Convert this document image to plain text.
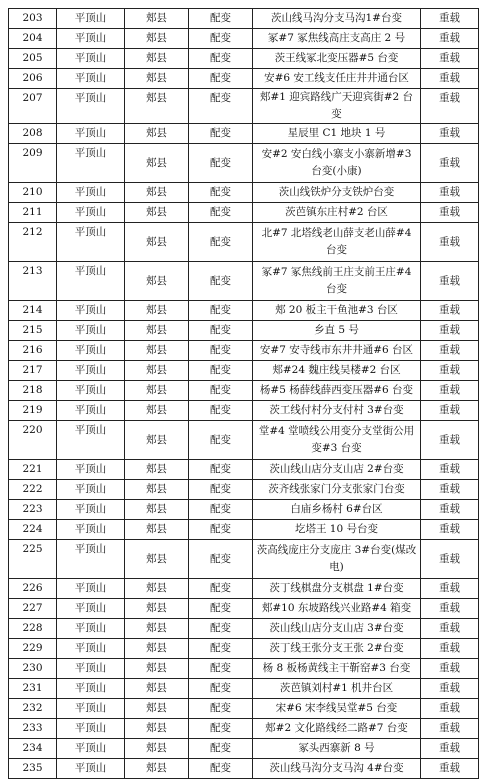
203	平顶山	郏县	配变	茨山线马沟分支马沟1#台变	重载
204	平顶山	郏县	配变	冢#7 冢焦线高庄支高庄 2 号	重载
205	平顶山	郏县	配变	茨王线冢北变压器#5 台变	重载
206	平顶山	郏县	配变	安#6 安工线支任庄井井通台区	重载
207	平顶山	郏县	配变	郏#1 迎宾路线广天迎宾街#2 台变	重载
208	平顶山	郏县	配变	星辰里 C1 地块 1 号	重载
209	平顶山	郏县	配变	安#2 安白线小寨支小寨新增#3 台变(小康)	重载
210	平顶山	郏县	配变	茨山线铁炉分支铁炉台变	重载
211	平顶山	郏县	配变	茨芭镇东庄村#2 台区	重载
212	平顶山	郏县	配变	北#7 北塔线老山薛支老山薛#4 台变	重载
213	平顶山	郏县	配变	冢#7 冢焦线前王庄支前王庄#4 台变	重载
214	平顶山	郏县	配变	郏 20 板主干鱼池#3 台区	重载
215	平顶山	郏县	配变	乡直 5 号	重载
216	平顶山	郏县	配变	安#7 安寺线市东井井通#6 台区	重载
217	平顶山	郏县	配变	郏#24 魏庄线吴楼#2 台区	重载
218	平顶山	郏县	配变	杨#5 杨薛线薛西变压器#6 台变	重载
219	平顶山	郏县	配变	茨工线付村分支付村 3#台变	重载
220	平顶山	郏县	配变	堂#4 堂喷线公用变分支堂街公用变#3 台变	重载
221	平顶山	郏县	配变	茨山线山店分支山店 2#台变	重载
222	平顶山	郏县	配变	茨齐线张家门分支张家门台变	重载
223	平顶山	郏县	配变	白庙乡杨村 6#台区	重载
224	平顶山	郏县	配变	圪塔王 10 号台变	重载
225	平顶山	郏县	配变	茨高线庞庄分支庞庄 3#台变(煤改电)	重载
226	平顶山	郏县	配变	茨丁线棋盘分支棋盘 1#台变	重载
227	平顶山	郏县	配变	郏#10 东坡路线兴业路#4 箱变	重载
228	平顶山	郏县	配变	茨山线山店分支山店 3#台变	重载
229	平顶山	郏县	配变	茨丁线王张分支王张 2#台变	重载
230	平顶山	郏县	配变	杨 8 板杨黄线主干靳窑#3 台变	重载
231	平顶山	郏县	配变	茨芭镇刘村#1 机井台区	重载
232	平顶山	郏县	配变	宋#6 宋李线吴堂#5 台变	重载
233	平顶山	郏县	配变	郏#2 文化路线经二路#7 台变	重载
234	平顶山	郏县	配变	冢头西寨新 8 号	重载
235	平顶山	郏县	配变	茨山线马沟分支马沟 4#台变	重载
